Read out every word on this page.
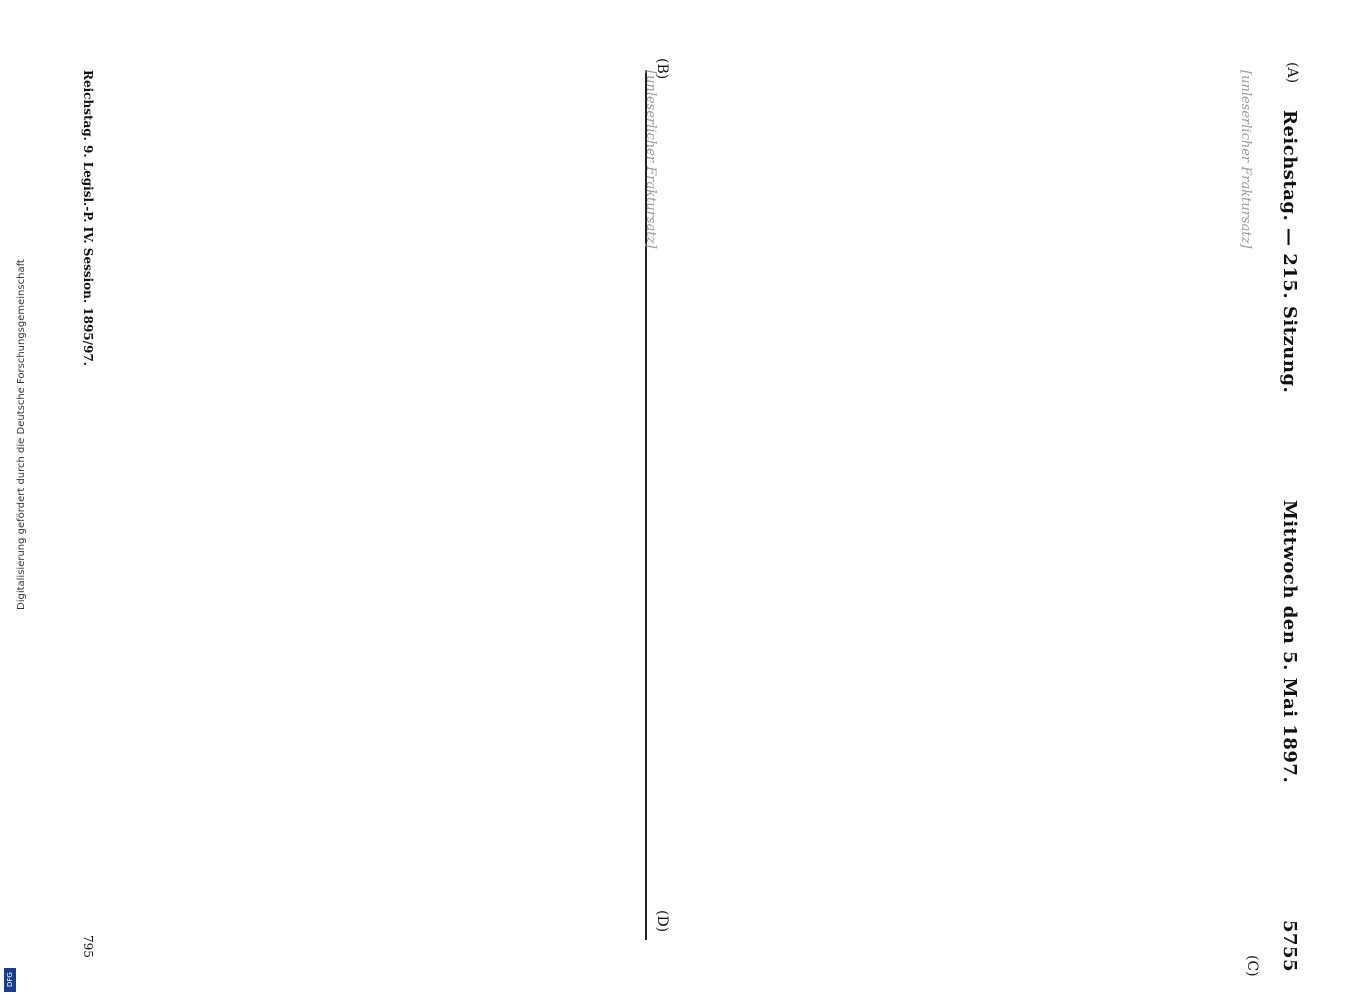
Reichstag. — 215. Sitzung.
Mittwoch den 5. Mai 1897.
5755
(A)
(C)
(B)
(D)

[unleserlicher Fraktursatz]

[unleserlicher Fraktursatz]

Reichstag. 9. Legisl.-P. IV. Session. 1895/97.
795
Digitalisierung gefördert durch die Deutsche Forschungsgemeinschaft
DFG
